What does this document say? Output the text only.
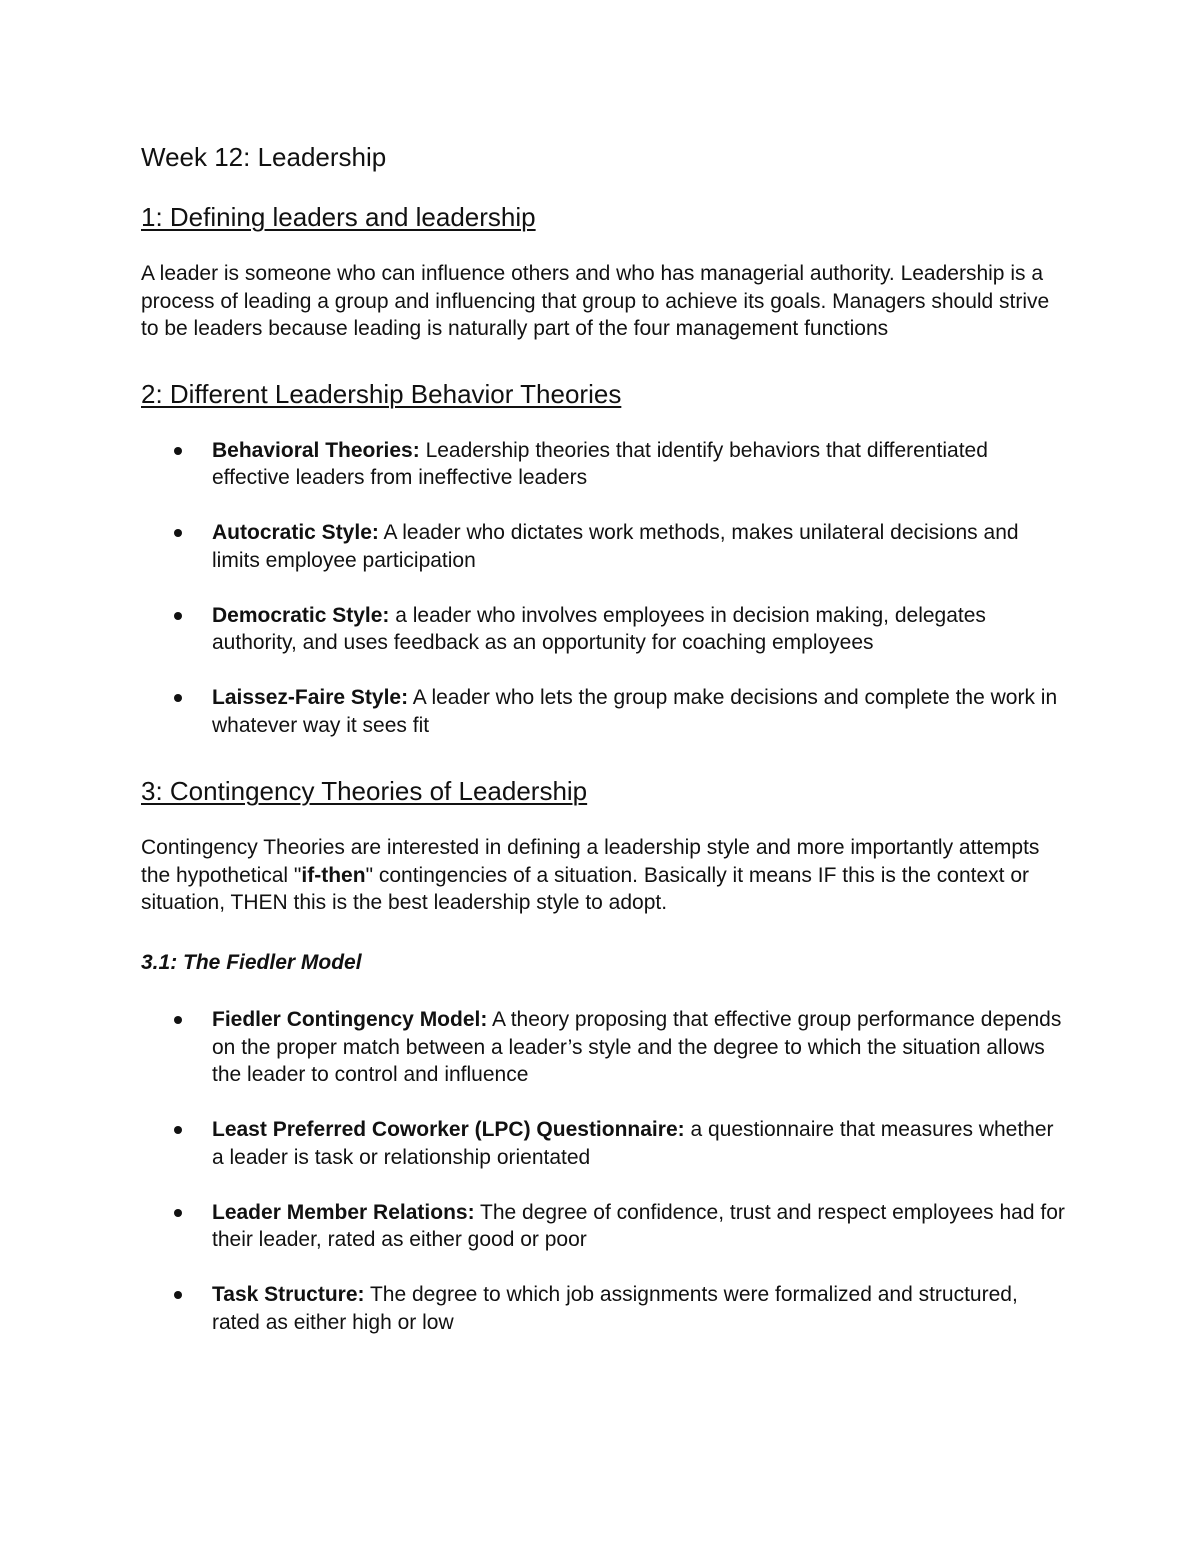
Week 12: Leadership
1: Defining leaders and leadership

A leader is someone who can influence others and who has managerial authority. Leadership is a process of leading a group and influencing that group to achieve its goals. Managers should strive to be leaders because leading is naturally part of the four management functions

2: Different Leadership Behavior Theories
Behavioral Theories: Leadership theories that identify behaviors that differentiated effective leaders from ineffective leaders
Autocratic Style: A leader who dictates work methods, makes unilateral decisions and limits employee participation
Democratic Style: a leader who involves employees in decision making, delegates authority, and uses feedback as an opportunity for coaching employees
Laissez-Faire Style: A leader who lets the group make decisions and complete the work in whatever way it sees fit
3: Contingency Theories of Leadership

Contingency Theories are interested in defining a leadership style and more importantly attempts the hypothetical "if-then" contingencies of a situation. Basically it means IF this is the context or situation, THEN this is the best leadership style to adopt.

3.1: The Fiedler Model
Fiedler Contingency Model: A theory proposing that effective group performance depends on the proper match between a leader’s style and the degree to which the situation allows the leader to control and influence
Least Preferred Coworker (LPC) Questionnaire: a questionnaire that measures whether a leader is task or relationship orientated
Leader Member Relations: The degree of confidence, trust and respect employees had for their leader, rated as either good or poor
Task Structure: The degree to which job assignments were formalized and structured, rated as either high or low
